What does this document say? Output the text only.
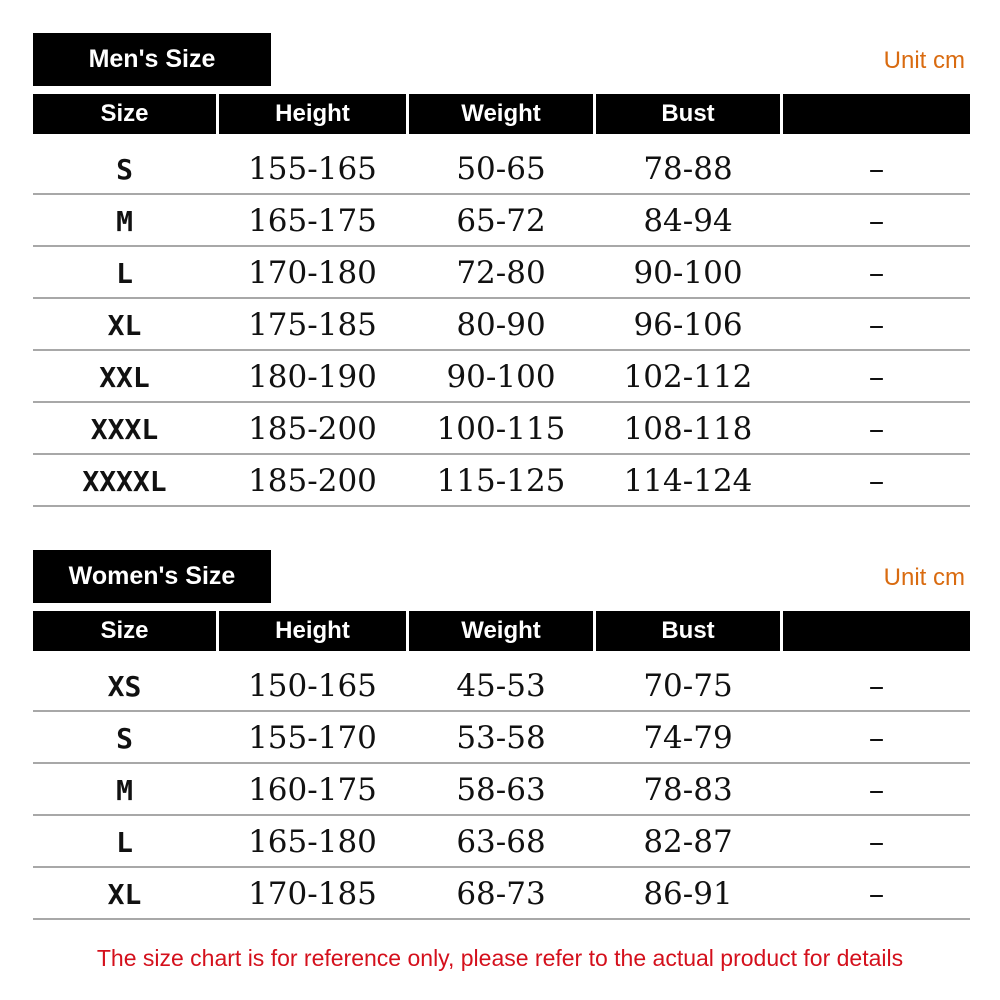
Men's Size	Unit cm
Size	Height	Weight	Bust
S	155-165	50-65	78-88	–
M	165-175	65-72	84-94	–
L	170-180	72-80	90-100	–
XL	175-185	80-90	96-106	–
XXL	180-190	90-100	102-112	–
XXXL	185-200	100-115	108-118	–
XXXXL	185-200	115-125	114-124	–
Women's Size	Unit cm
Size	Height	Weight	Bust
XS	150-165	45-53	70-75	–
S	155-170	53-58	74-79	–
M	160-175	58-63	78-83	–
L	165-180	63-68	82-87	–
XL	170-185	68-73	86-91	–
The size chart is for reference only, please refer to the actual product for details
